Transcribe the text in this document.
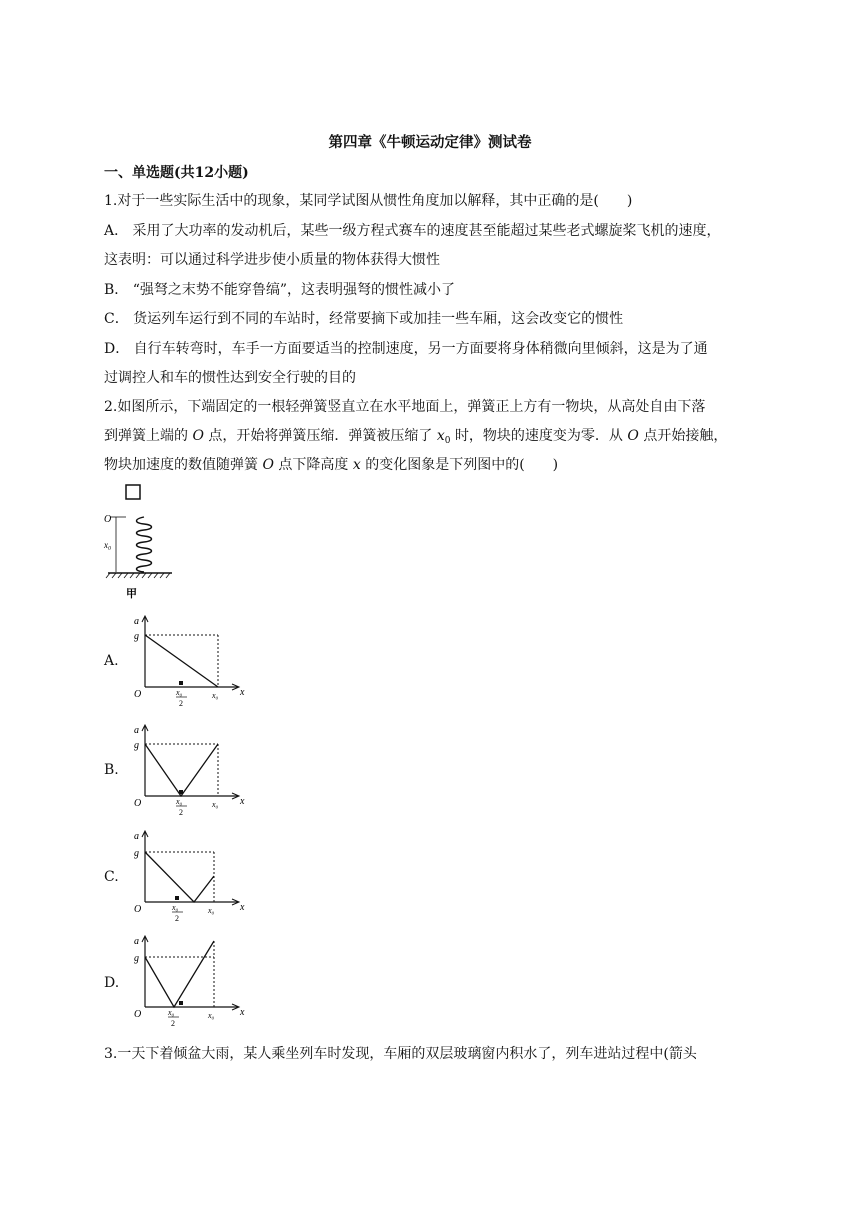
第四章《牛顿运动定律》测试卷
一、单选题(共12小题)
1.对于一些实际生活中的现象，某同学试图从惯性角度加以解释，其中正确的是(　　)
A． 采用了大功率的发动机后，某些一级方程式赛车的速度甚至能超过某些老式螺旋桨飞机的速度，
这表明：可以通过科学进步使小质量的物体获得大惯性
B． “强弩之末势不能穿鲁缟”，这表明强弩的惯性减小了
C． 货运列车运行到不同的车站时，经常要摘下或加挂一些车厢，这会改变它的惯性
D． 自行车转弯时，车手一方面要适当的控制速度，另一方面要将身体稍微向里倾斜，这是为了通
过调控人和车的惯性达到安全行驶的目的
2.如图所示，下端固定的一根轻弹簧竖直立在水平地面上，弹簧正上方有一物块，从高处自由下落
到弹簧上端的 O 点，开始将弹簧压缩．弹簧被压缩了 $x_0$ 时，物块的速度变为零．从 O 点开始接触，
物块加速度的数值随弹簧 O 点下降高度 x 的变化图象是下列图中的(　　)
O
x₀
甲
A.
B.
C.
D.
a
g
O	x
x₀
2
x₀
a
g
O	x
x₀
2
x₀
a
g
O	x
x₀
2
x₀
a
g
O	x
x₀
2
x₀
3.一天下着倾盆大雨，某人乘坐列车时发现，车厢的双层玻璃窗内积水了，列车进站过程中(箭头
